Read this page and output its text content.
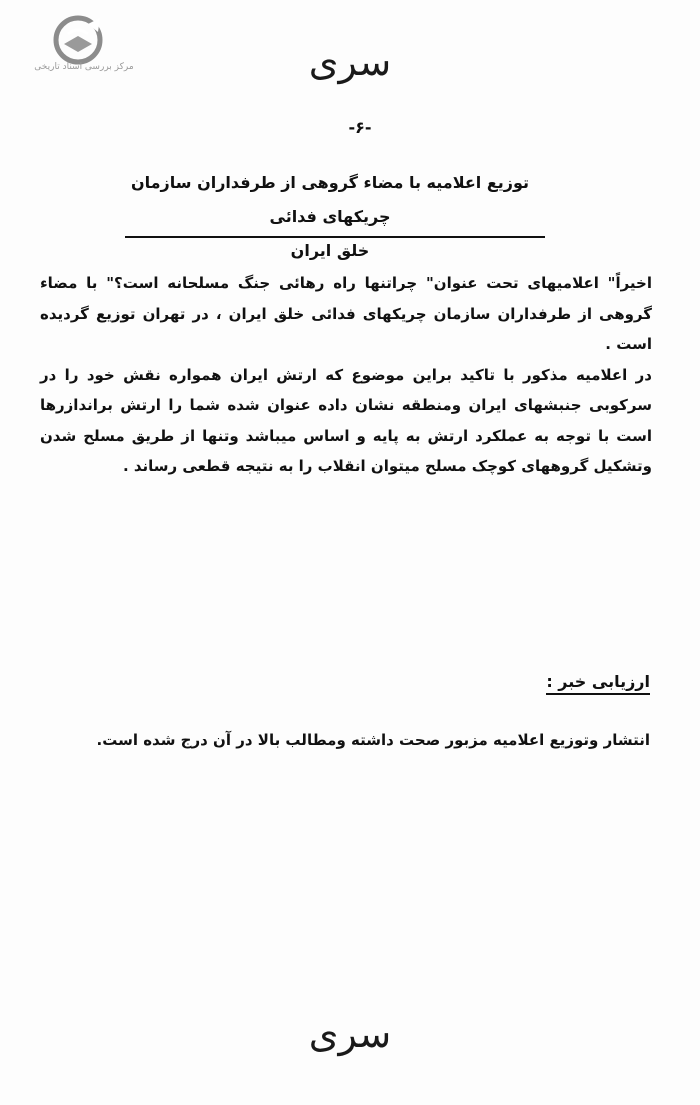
مرکز بررسی اسناد تاریخی	سری
-۶-
توزیع اعلامیه با مضاء گروهی از طرفداران سازمان چریکهای فدائی
خلق ایران

اخیراً" اعلامیهای تحت عنوان" چراتنها راه رهائی جنگ مسلحانه است؟" با مضاء گروهی از طرفداران سازمان چریکهای فدائی خلق ایران ، در تهران توزیع گردیده است .

در اعلامیه مذکور با تاکید براین موضوع که ارتش ایران همواره نقش خود را در سرکوبی جنبشهای ایران ومنطقه نشان داده عنوان شده شما را ارتش براندازرها است با توجه به عملکرد ارتش به پایه و اساس میباشد وتنها از طریق مسلح شدن وتشکیل گروههای کوچک مسلح میتوان انقلاب را به نتیجه قطعی رساند .

ارزیابی خبر :
انتشار وتوزیع اعلامیه مزبور صحت داشته ومطالب بالا در آن درج شده است.
سری
